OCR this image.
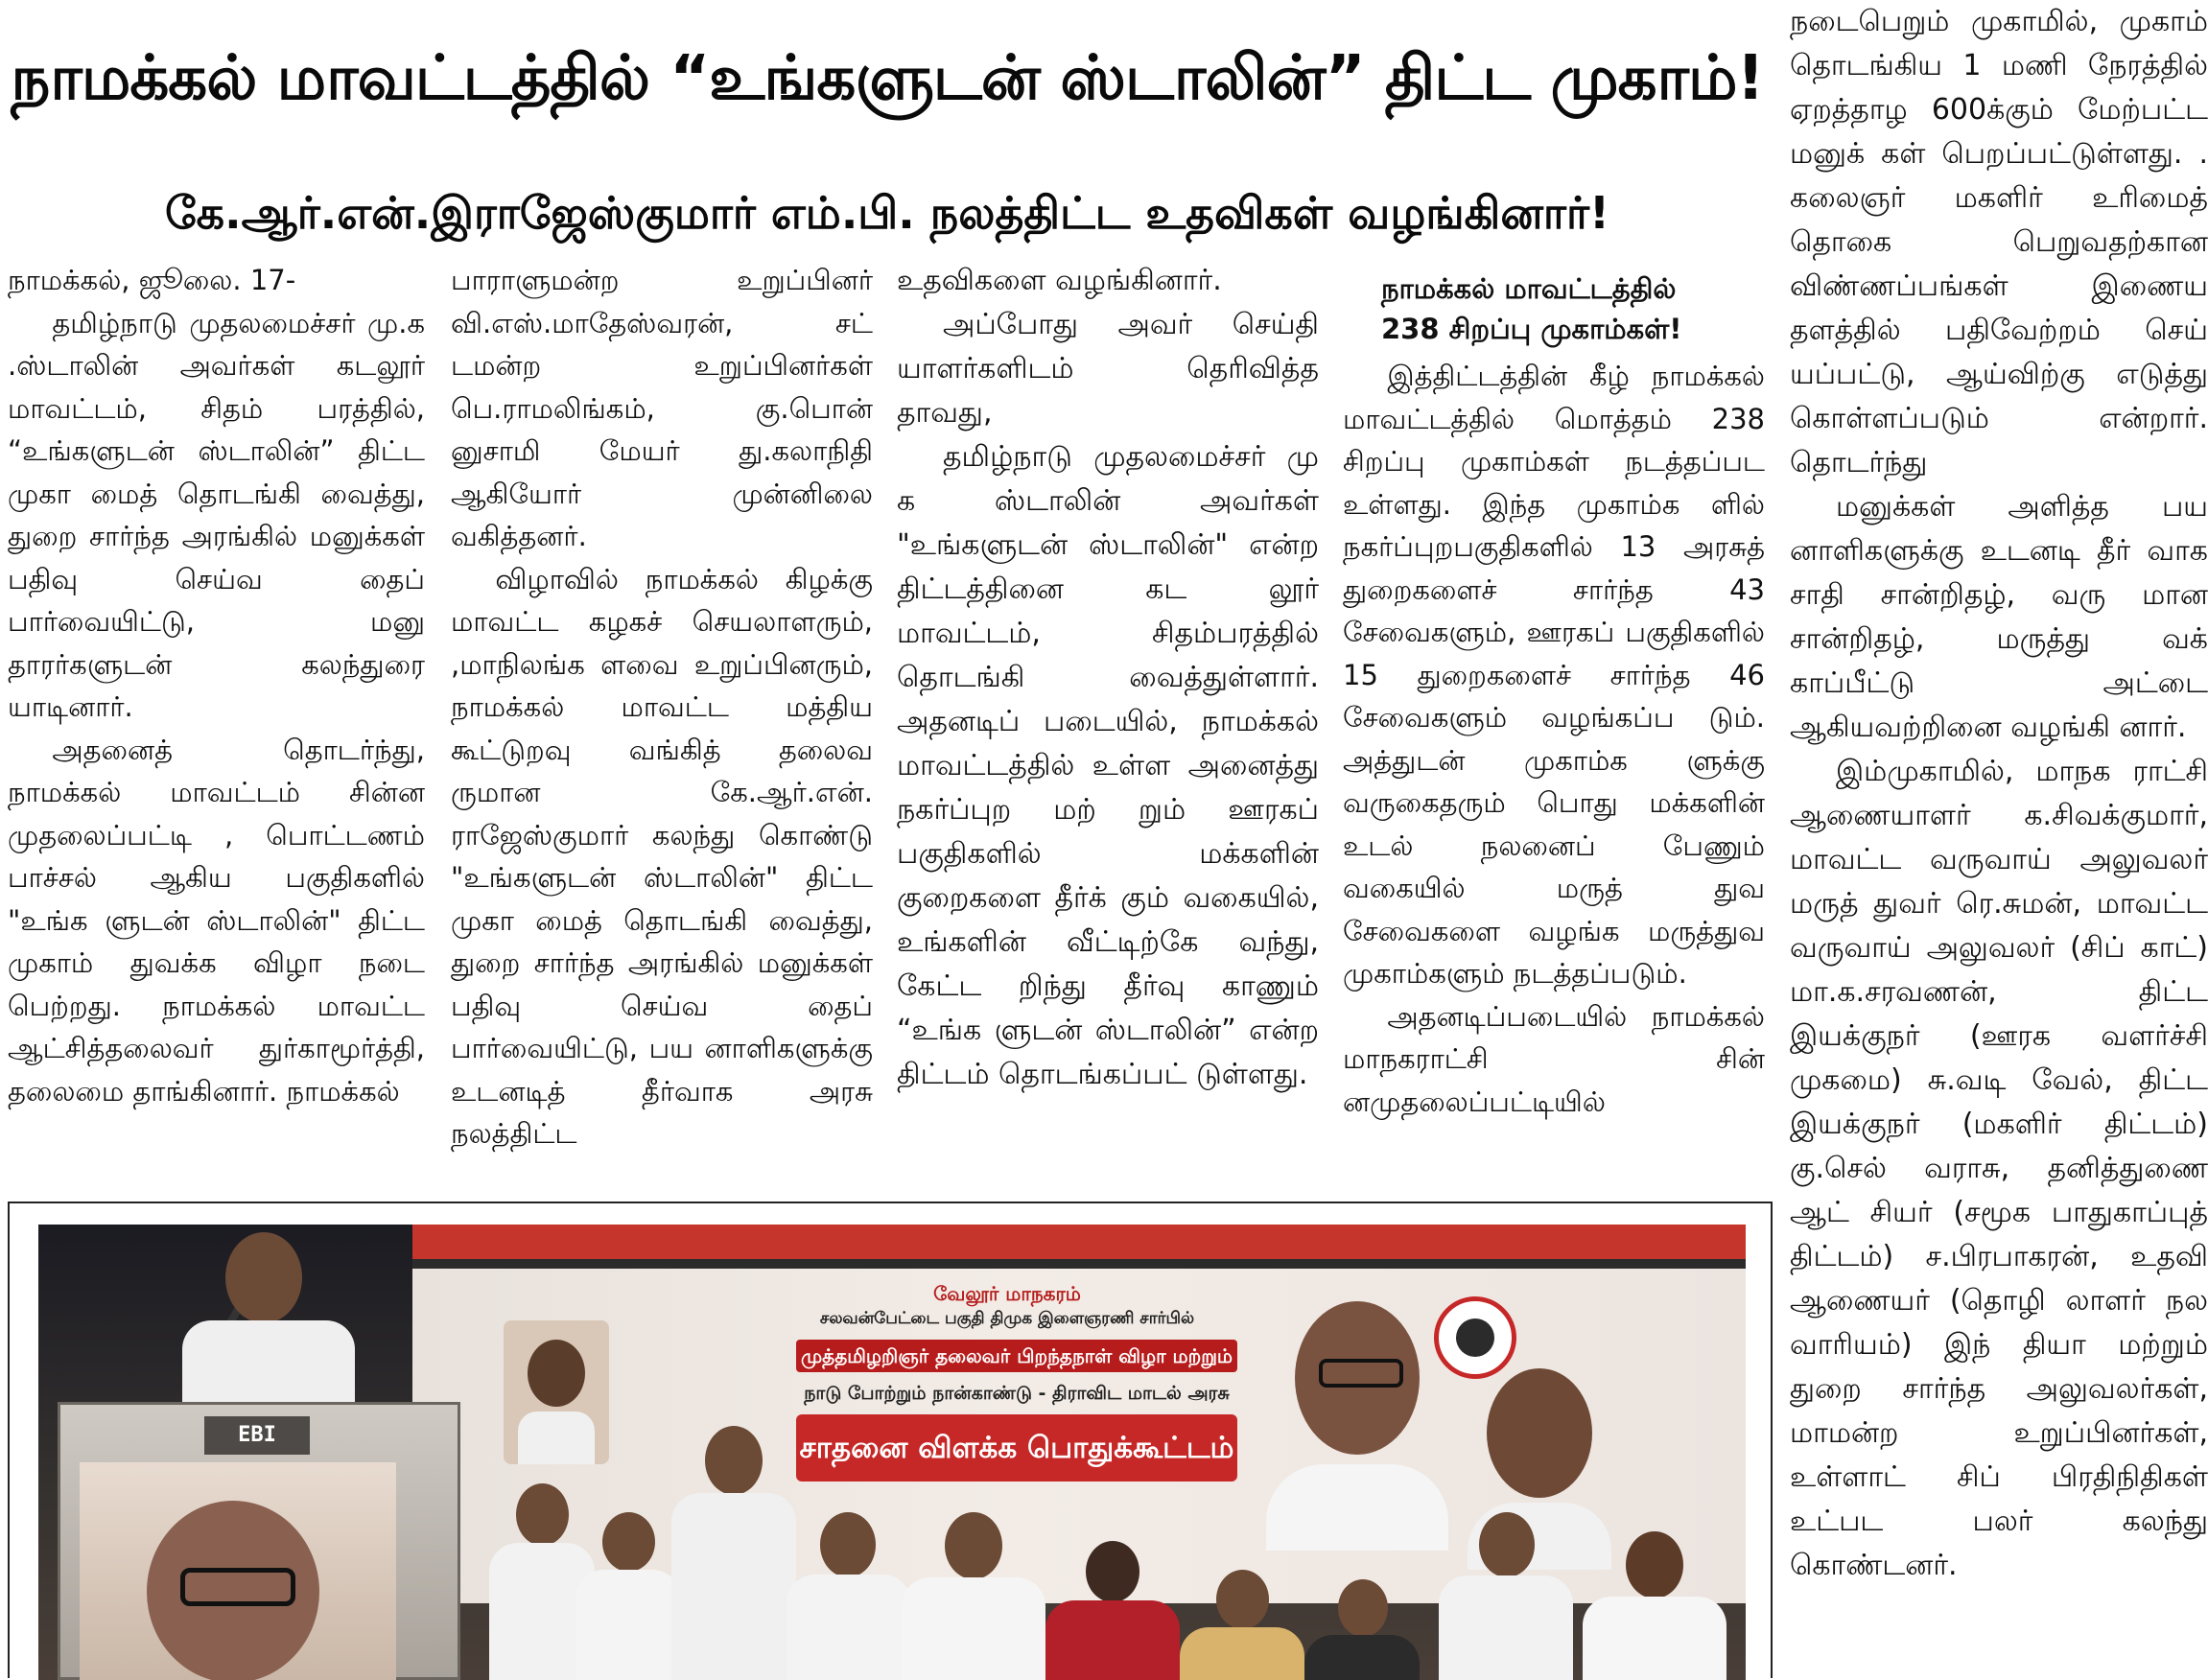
நாமக்கல் மாவட்டத்தில் “உங்களுடன் ஸ்டாலின்” திட்ட முகாம்!
கே.ஆர்.என்.இராஜேஸ்குமார் எம்.பி. நலத்திட்ட உதவிகள் வழங்கினார்!

நாமக்கல், ஜூலை. 17-

தமிழ்நாடு முதலமைச்சர் மு.க .ஸ்டாலின் அவர்கள் கடலூர் மாவட்டம், சிதம் பரத்தில், “உங்களுடன் ஸ்டாலின்” திட்ட முகா மைத் தொடங்கி வைத்து, துறை சார்ந்த அரங்கில் மனுக்கள் பதிவு செய்வ தைப் பார்வையிட்டு, மனு தாரர்களுடன் கலந்துரை யாடினார்.

அதனைத் தொடர்ந்து, நாமக்கல் மாவட்டம் சின்ன முதலைப்பட்டி , பொட்டணம் பாச்சல் ஆகிய பகுதிகளில் "உங்க ளுடன் ஸ்டாலின்" திட்ட முகாம் துவக்க விழா நடை பெற்றது. நாமக்கல் மாவட்ட ஆட்சித்தலைவர் துர்காமூர்த்தி, தலைமை தாங்கினார். நாமக்கல்

பாராளுமன்ற உறுப்பினர் வி.எஸ்.மாதேஸ்வரன், சட் டமன்ற உறுப்பினர்கள் பெ.ராமலிங்கம், கு.பொன் னுசாமி மேயர் து.கலாநிதி ஆகியோர் முன்னிலை வகித்தனர்.

விழாவில் நாமக்கல் கிழக்கு மாவட்ட கழகச் செயலாளரும், ,மாநிலங்க ளவை உறுப்பினரும், நாமக்கல் மாவட்ட மத்திய கூட்டுறவு வங்கித் தலைவ ருமான கே.ஆர்.என். ராஜேஸ்குமார் கலந்து கொண்டு "உங்களுடன் ஸ்டாலின்" திட்ட முகா மைத் தொடங்கி வைத்து, துறை சார்ந்த அரங்கில் மனுக்கள் பதிவு செய்வ தைப் பார்வையிட்டு, பய னாளிகளுக்கு உடனடித் தீர்வாக அரசு நலத்திட்ட

உதவிகளை வழங்கினார்.

அப்போது அவர் செய்தி யாளர்களிடம் தெரிவித்த தாவது,

தமிழ்நாடு முதலமைச்சர் மு க ஸ்டாலின் அவர்கள் "உங்களுடன் ஸ்டாலின்" என்ற திட்டத்தினை கட லூர் மாவட்டம், சிதம்பரத்தில் தொடங்கி வைத்துள்ளார். அதனடிப் படையில், நாமக்கல் மாவட்டத்தில் உள்ள அனைத்து நகர்ப்புற மற் றும் ஊரகப் பகுதிகளில் மக்களின் குறைகளை தீர்க் கும் வகையில், உங்களின் வீட்டிற்கே வந்து, கேட்ட றிந்து தீர்வு காணும் “உங்க ளுடன் ஸ்டாலின்” என்ற திட்டம் தொடங்கப்பட் டுள்ளது.

நாமக்கல் மாவட்டத்தில்
238 சிறப்பு முகாம்கள்!

இத்திட்டத்தின் கீழ் நாமக்கல் மாவட்டத்தில் மொத்தம் 238 சிறப்பு முகாம்கள் நடத்தப்பட உள்ளது. இந்த முகாம்க ளில் நகர்ப்புறபகுதிகளில் 13 அரசுத் துறைகளைச் சார்ந்த 43 சேவைகளும், ஊரகப் பகுதிகளில் 15 துறைகளைச் சார்ந்த 46 சேவைகளும் வழங்கப்ப டும். அத்துடன் முகாம்க ளுக்கு வருகைதரும் பொது மக்களின் உடல் நலனைப் பேணும் வகையில் மருத் துவ சேவைகளை வழங்க மருத்துவ முகாம்களும் நடத்தப்படும்.

அதனடிப்படையில் நாமக்கல் மாநகராட்சி சின் னமுதலைப்பட்டியில்

நடைபெறும் முகாமில், முகாம் தொடங்கிய 1 மணி நேரத்தில் ஏறத்தாழ 600க்கும் மேற்பட்ட மனுக் கள் பெறப்பட்டுள்ளது. . கலைஞர் மகளிர் உரிமைத் தொகை பெறுவதற்கான விண்ணப்பங்கள் இணைய தளத்தில் பதிவேற்றம் செய் யப்பட்டு, ஆய்விற்கு எடுத்து கொள்ளப்படும் என்றார். தொடர்ந்து

மனுக்கள் அளித்த பய னாளிகளுக்கு உடனடி தீர் வாக சாதி சான்றிதழ், வரு மான சான்றிதழ், மருத்து வக் காப்பீட்டு அட்டை ஆகியவற்றினை வழங்கி னார்.

இம்முகாமில், மாநக ராட்சி ஆணையாளர் க.சிவக்குமார், மாவட்ட வருவாய் அலுவலர் மருத் துவர் ரெ.சுமன், மாவட்ட வருவாய் அலுவலர் (சிப் காட்) மா.க.சரவணன், திட்ட இயக்குநர் (ஊரக வளர்ச்சி முகமை) சு.வடி வேல், திட்ட இயக்குநர் (மகளிர் திட்டம்) கு.செல் வராசு, தனித்துணை ஆட் சியர் (சமூக பாதுகாப்புத் திட்டம்) ச.பிரபாகரன், உதவி ஆணையர் (தொழி லாளர் நல வாரியம்) இந் தியா மற்றும் துறை சார்ந்த அலுவலர்கள், மாமன்ற உறுப்பினர்கள், உள்ளாட் சிப் பிரதிநிதிகள் உட்பட பலர் கலந்து கொண்டனர்.

வேலூர் மாநகரம்
சலவன்பேட்டை பகுதி திமுக இளைஞரணி சார்பில்
முத்தமிழறிஞர் தலைவர் பிறந்தநாள் விழா மற்றும்
நாடு போற்றும் நான்காண்டு - திராவிட மாடல் அரசு
சாதனை விளக்க பொதுக்கூட்டம்
EBI
